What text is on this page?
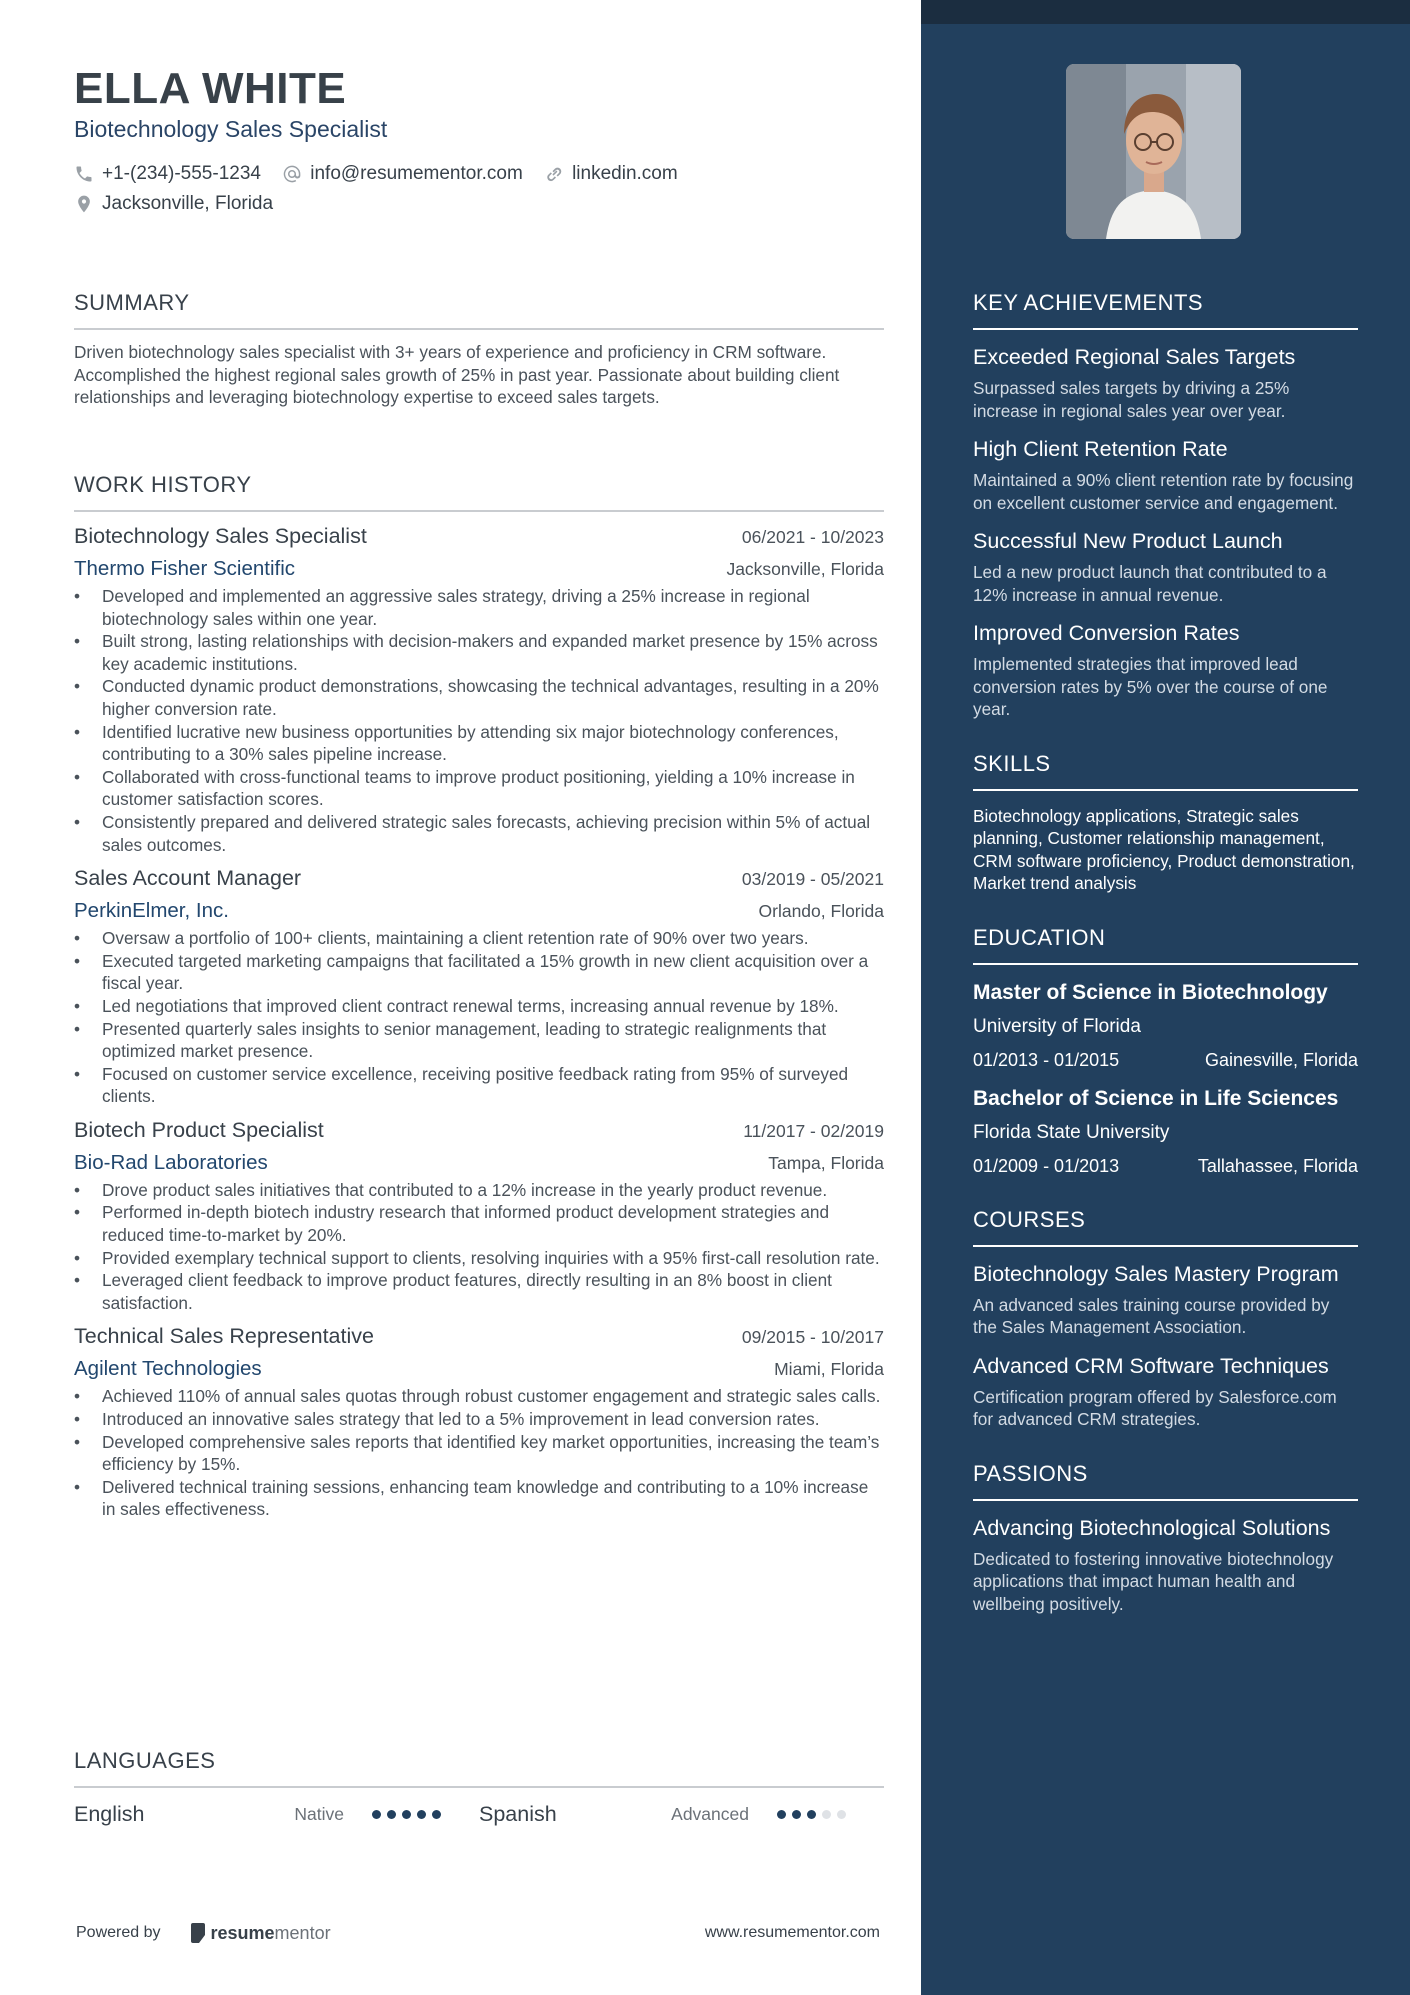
ELLA WHITE
Biotechnology Sales Specialist
+1-(234)-555-1234
	info@resumementor.com
	linkedin.com
Jacksonville, Florida
SUMMARY

Driven biotechnology sales specialist with 3+ years of experience and proficiency in CRM software. Accomplished the highest regional sales growth of 25% in past year. Passionate about building client relationships and leveraging biotechnology expertise to exceed sales targets.

WORK HISTORY
Biotechnology Sales Specialist	06/2021 - 10/2023
Thermo Fisher Scientific	Jacksonville, Florida
• Developed and implemented an aggressive sales strategy, driving a 25% increase in regional biotechnology sales within one year.
• Built strong, lasting relationships with decision-makers and expanded market presence by 15% across key academic institutions.
• Conducted dynamic product demonstrations, showcasing the technical advantages, resulting in a 20% higher conversion rate.
• Identified lucrative new business opportunities by attending six major biotechnology conferences, contributing to a 30% sales pipeline increase.
• Collaborated with cross-functional teams to improve product positioning, yielding a 10% increase in customer satisfaction scores.
• Consistently prepared and delivered strategic sales forecasts, achieving precision within 5% of actual sales outcomes.
Sales Account Manager	03/2019 - 05/2021
PerkinElmer, Inc.	Orlando, Florida
• Oversaw a portfolio of 100+ clients, maintaining a client retention rate of 90% over two years.
• Executed targeted marketing campaigns that facilitated a 15% growth in new client acquisition over a fiscal year.
• Led negotiations that improved client contract renewal terms, increasing annual revenue by 18%.
• Presented quarterly sales insights to senior management, leading to strategic realignments that optimized market presence.
• Focused on customer service excellence, receiving positive feedback rating from 95% of surveyed clients.
Biotech Product Specialist	11/2017 - 02/2019
Bio-Rad Laboratories	Tampa, Florida
• Drove product sales initiatives that contributed to a 12% increase in the yearly product revenue.
• Performed in-depth biotech industry research that informed product development strategies and reduced time-to-market by 20%.
• Provided exemplary technical support to clients, resolving inquiries with a 95% first-call resolution rate.
• Leveraged client feedback to improve product features, directly resulting in an 8% boost in client satisfaction.
Technical Sales Representative	09/2015 - 10/2017
Agilent Technologies	Miami, Florida
• Achieved 110% of annual sales quotas through robust customer engagement and strategic sales calls.
• Introduced an innovative sales strategy that led to a 5% improvement in lead conversion rates.
• Developed comprehensive sales reports that identified key market opportunities, increasing the team’s efficiency by 15%.
• Delivered technical training sessions, enhancing team knowledge and contributing to a 10% increase in sales effectiveness.
LANGUAGES
English	Native	Spanish	Advanced
Powered by	resume mentor	www.resumementor.com
KEY ACHIEVEMENTS
Exceeded Regional Sales Targets
Surpassed sales targets by driving a 25% increase in regional sales year over year.
High Client Retention Rate
Maintained a 90% client retention rate by focusing on excellent customer service and engagement.
Successful New Product Launch
Led a new product launch that contributed to a 12% increase in annual revenue.
Improved Conversion Rates
Implemented strategies that improved lead conversion rates by 5% over the course of one year.
SKILLS
Biotechnology applications, Strategic sales planning, Customer relationship management, CRM software proficiency, Product demonstration, Market trend analysis
EDUCATION
Master of Science in Biotechnology
University of Florida
01/2013 - 01/2015	Gainesville, Florida
Bachelor of Science in Life Sciences
Florida State University
01/2009 - 01/2013	Tallahassee, Florida
COURSES
Biotechnology Sales Mastery Program
An advanced sales training course provided by the Sales Management Association.
Advanced CRM Software Techniques
Certification program offered by Salesforce.com for advanced CRM strategies.
PASSIONS
Advancing Biotechnological Solutions
Dedicated to fostering innovative biotechnology applications that impact human health and wellbeing positively.
